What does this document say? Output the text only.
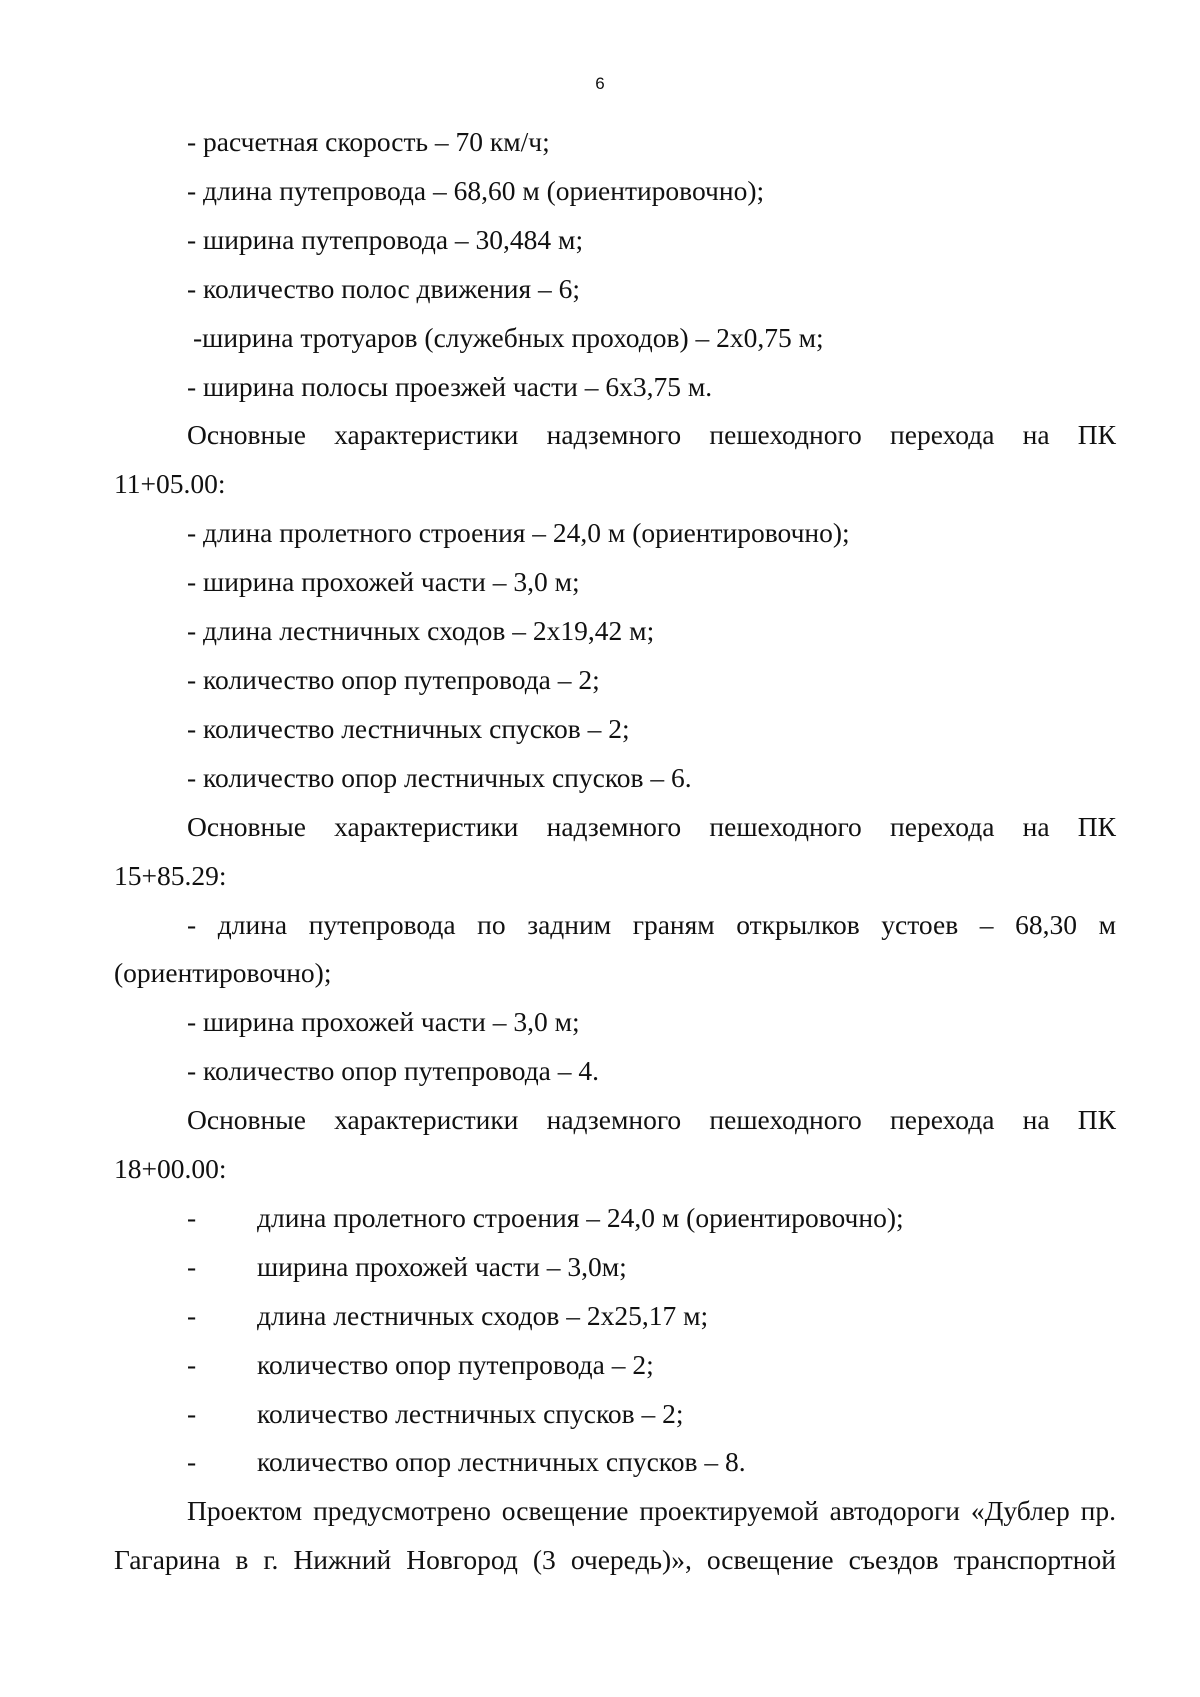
6

- расчетная скорость – 70 км/ч;

- длина путепровода – 68,60 м (ориентировочно);

- ширина путепровода – 30,484 м;

- количество полос движения – 6;

-ширина тротуаров (служебных проходов) – 2х0,75 м;

- ширина полосы проезжей части – 6х3,75 м.

Основные характеристики надземного пешеходного перехода на ПК

11+05.00:

- длина пролетного строения – 24,0 м (ориентировочно);

- ширина прохожей части – 3,0 м;

- длина лестничных сходов – 2х19,42 м;

- количество опор путепровода – 2;

- количество лестничных спусков – 2;

- количество опор лестничных спусков – 6.

Основные характеристики надземного пешеходного перехода на ПК

15+85.29:

- длина путепровода по задним граням открылков устоев – 68,30 м

(ориентировочно);

- ширина прохожей части – 3,0 м;

- количество опор путепровода – 4.

Основные характеристики надземного пешеходного перехода на ПК

18+00.00:

-	длина пролетного строения – 24,0 м (ориентировочно);
-	ширина прохожей части – 3,0м;
-	длина лестничных сходов – 2х25,17 м;
-	количество опор путепровода – 2;
-	количество лестничных спусков – 2;
-	количество опор лестничных спусков – 8.

Проектом предусмотрено освещение проектируемой автодороги «Дублер пр.

Гагарина в г. Нижний Новгород (3 очередь)», освещение съездов транспортной
